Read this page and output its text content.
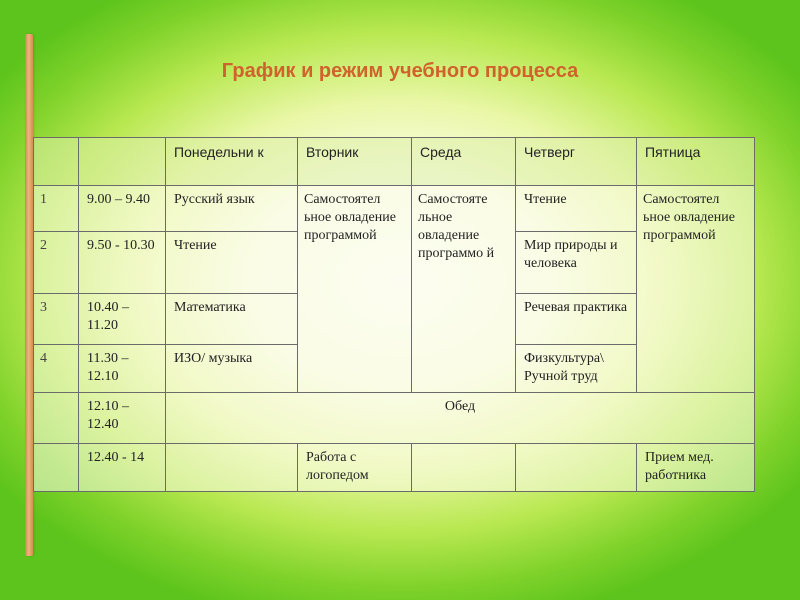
График и режим учебного процесса
		Понедельни к	Вторник	Среда	Четверг	Пятница
1	9.00 – 9.40	Русский язык	Самостоятел ьное овладение программой	Самостояте льное овладение программо й	Чтение	Самостоятел ьное овладение программой
2	9.50 - 10.30	Чтение			Мир природы и человека	
3	10.40 – 11.20	Математика			Речевая практика	
4	11.30 – 12.10	ИЗО/ музыка			Физкультура\ Ручной труд	
	12.10 – 12.40	Обед				
	12.40 - 14		Работа с логопедом			Прием мед. работника
